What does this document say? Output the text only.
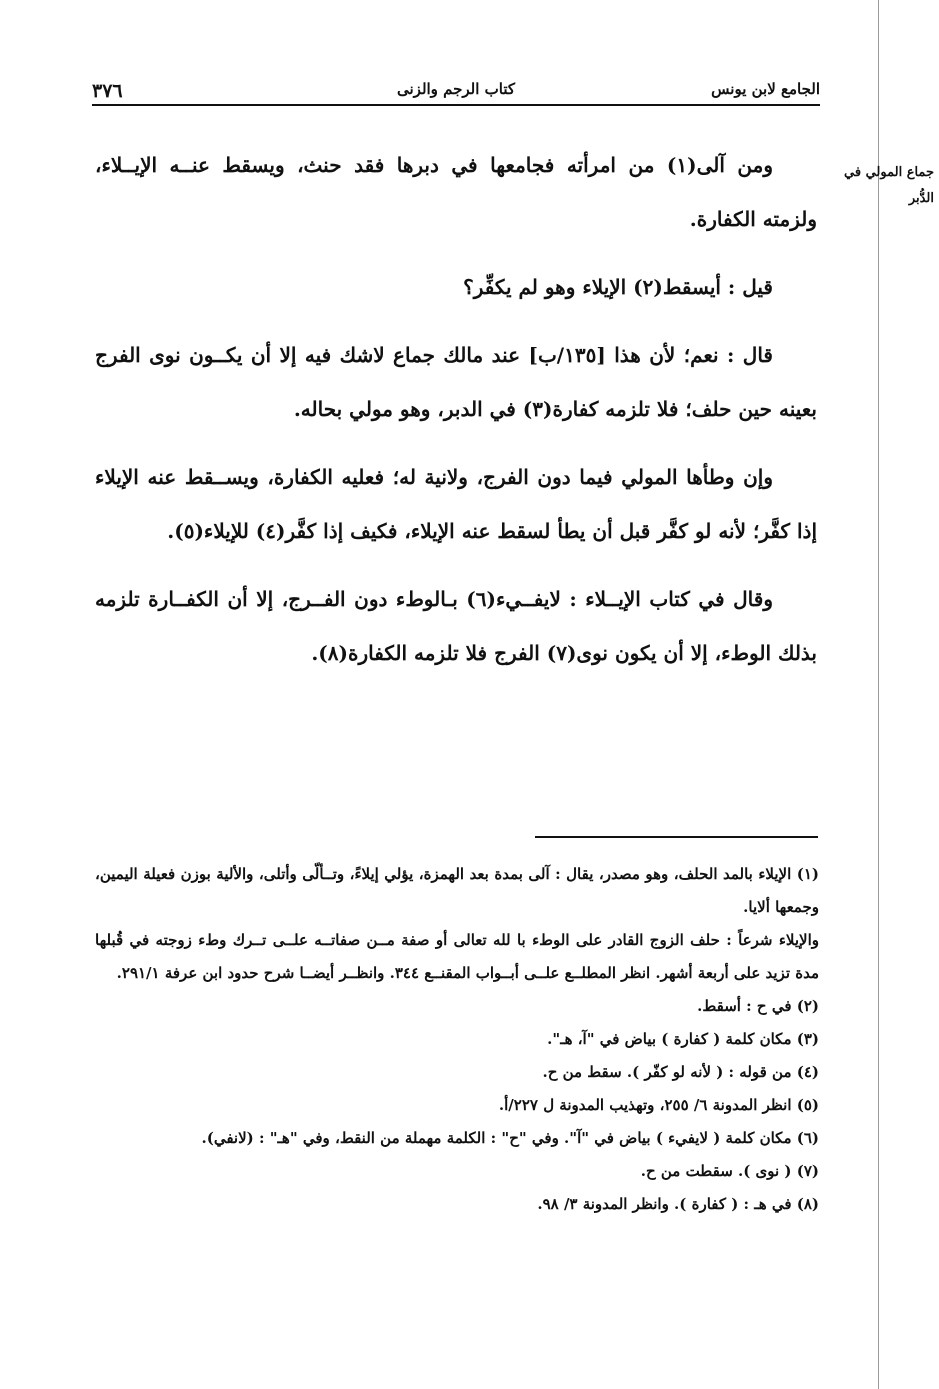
الجامع لابن يونس
كتاب الرجم والزنى
٣٧٦
جماع المولي في
الدُّبر

ومن آلى(١) من امرأته فجامعها في دبرها فقد حنث، ويسقط عنــه الإيــلاء، ولزمته الكفارة.

قيل : أيسقط(٢) الإيلاء وهو لم يكفِّر؟

قال : نعم؛ لأن هذا [١٣٥/ب] عند مالك جماع لاشك فيه إلا أن يكــون نوى الفرج بعينه حين حلف؛ فلا تلزمه كفارة(٣) في الدبر، وهو مولي بحاله.

وإن وطأها المولي فيما دون الفرج، ولانية له؛ فعليه الكفارة، ويســقط عنه الإيلاء إذا كفَّر؛ لأنه لو كفَّر قبل أن يطأ لسقط عنه الإيلاء، فكيف إذا كفَّر(٤) للإيلاء(٥).

وقال في كتاب الإيــلاء : لايفــيء(٦) بـالوطء دون الفــرج، إلا أن الكفــارة تلزمه بذلك الوطء، إلا أن يكون نوى(٧) الفرج فلا تلزمه الكفارة(٨).

(١) الإيلاء بالمد الحلف، وهو مصدر، يقال : آلى بمدة بعد الهمزة، يؤلي إيلاءً، وتــألّى وأتلى، والألية بوزن فعيلة اليمين، وجمعها ألايا.

والإيلاء شرعاً : حلف الزوج القادر على الوطء با لله تعالى أو صفة مــن صفاتــه علــى تــرك وطء زوجته في قُبلها مدة تزيد على أربعة أشهر. انظر المطلــع علــى أبــواب المقنــع ٣٤٤. وانظــر أيضــا شرح حدود ابن عرفة ٢٩١/١.

(٢) في ح : أسقط.

(٣) مكان كلمة ( كفارة ) بياض في "آ، هـ".

(٤) من قوله : ( لأنه لو كفّر ). سقط من ح.

(٥) انظر المدونة ٦/ ٢٥٥، وتهذيب المدونة ل ٢٢٧/أ.

(٦) مكان كلمة ( لايفيء ) بياض في "آ". وفي "ح" : الكلمة مهملة من النقط، وفي "هـ" : (لانفي).

(٧) ( نوى ). سقطت من ح.

(٨) في هـ : ( كفارة ). وانظر المدونة ٣/ ٩٨.
